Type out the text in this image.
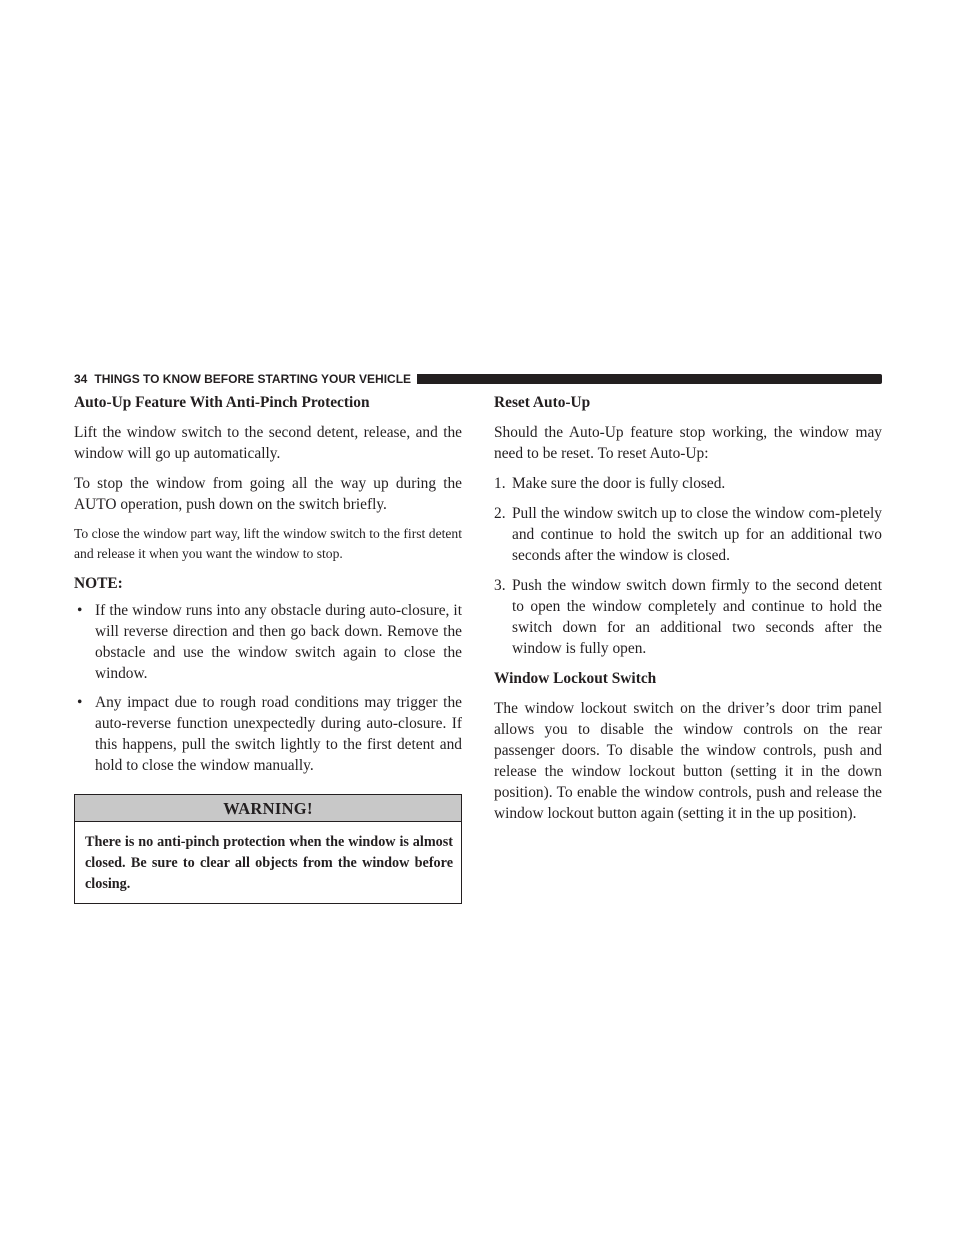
34 THINGS TO KNOW BEFORE STARTING YOUR VEHICLE
Auto-Up Feature With Anti-Pinch Protection

Lift the window switch to the second detent, release, and the window will go up automatically.

To stop the window from going all the way up during the AUTO operation, push down on the switch briefly.

To close the window part way, lift the window switch to the first detent and release it when you want the window to stop.

NOTE:
• If the window runs into any obstacle during auto-closure, it will reverse direction and then go back down. Remove the obstacle and use the window switch again to close the window.
• Any impact due to rough road conditions may trigger the auto-reverse function unexpectedly during auto-closure. If this happens, pull the switch lightly to the first detent and hold to close the window manually.
WARNING!
There is no anti-pinch protection when the window is almost closed. Be sure to clear all objects from the window before closing.
Reset Auto-Up

Should the Auto-Up feature stop working, the window may need to be reset. To reset Auto-Up:

1. Make sure the door is fully closed.
2. Pull the window switch up to close the window com-pletely and continue to hold the switch up for an additional two seconds after the window is closed.
3. Push the window switch down firmly to the second detent to open the window completely and continue to hold the switch down for an additional two seconds after the window is fully open.
Window Lockout Switch

The window lockout switch on the driver’s door trim panel allows you to disable the window controls on the rear passenger doors. To disable the window controls, push and release the window lockout button (setting it in the down position). To enable the window controls, push and release the window lockout button again (setting it in the up position).
